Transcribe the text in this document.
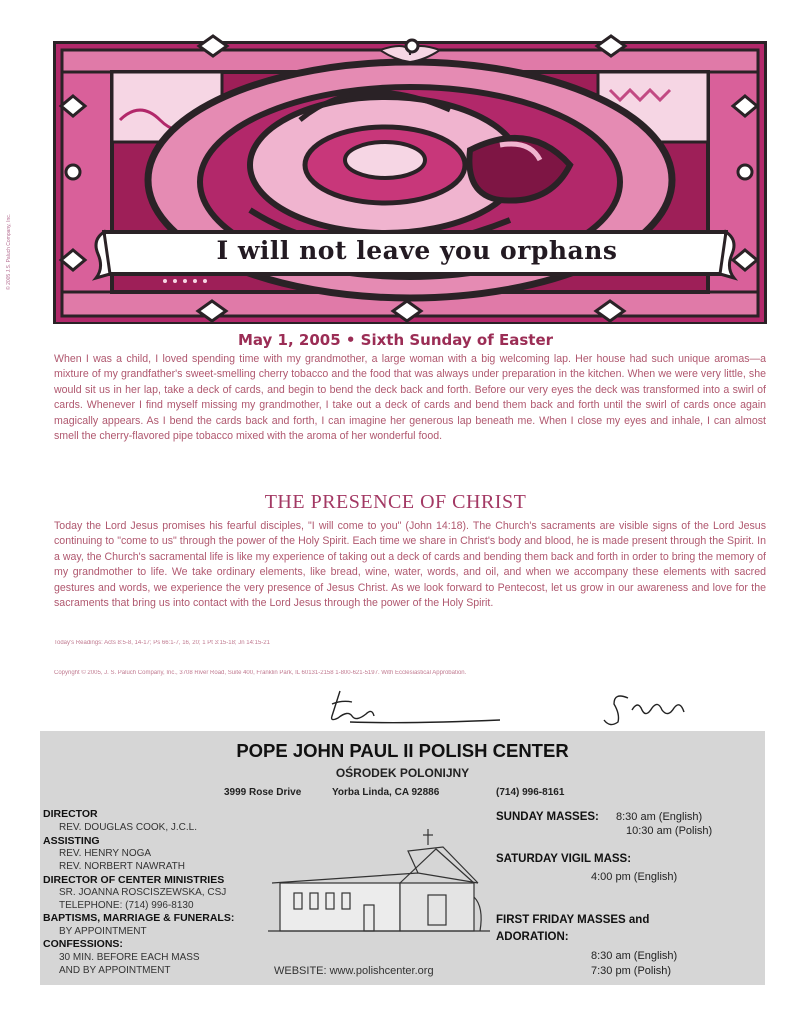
I will not leave you orphans
© 2005 J.S. Paluch Company, Inc.
May 1, 2005 • Sixth Sunday of Easter

When I was a child, I loved spending time with my grandmother, a large woman with a big welcoming lap. Her house had such unique aromas—a mixture of my grandfather's sweet-smelling cherry tobacco and the food that was always under preparation in the kitchen. When we were very little, she would sit us in her lap, take a deck of cards, and begin to bend the deck back and forth. Before our very eyes the deck was transformed into a swirl of cards. Whenever I find myself missing my grandmother, I take out a deck of cards and bend them back and forth until the swirl of cards once again magically appears. As I bend the cards back and forth, I can imagine her generous lap beneath me. When I close my eyes and inhale, I can almost smell the cherry-flavored pipe tobacco mixed with the aroma of her wonderful food.

THE PRESENCE OF CHRIST

Today the Lord Jesus promises his fearful disciples, "I will come to you" (John 14:18). The Church's sacraments are visible signs of the Lord Jesus continuing to "come to us" through the power of the Holy Spirit. Each time we share in Christ's body and blood, he is made present through the Spirit. In a way, the Church's sacramental life is like my experience of taking out a deck of cards and bending them back and forth in order to bring the memory of my grandmother to life. We take ordinary elements, like bread, wine, water, words, and oil, and when we accompany these elements with sacred gestures and words, we experience the very presence of Jesus Christ. As we look forward to Pentecost, let us grow in our awareness and love for the sacraments that bring us into contact with the Lord Jesus through the power of the Holy Spirit.

Today's Readings: Acts 8:5-8, 14-17; Ps 66:1-7, 16, 20; 1 Pt 3:15-18; Jn 14:15-21
Copyright © 2005, J. S. Paluch Company, Inc., 3708 River Road, Suite 400, Franklin Park, IL 60131-2158 1-800-621-5197. With Ecclesiastical Approbation.
POPE JOHN PAUL II POLISH CENTER
OŚRODEK POLONIJNY
3999 Rose Drive	Yorba Linda, CA 92886	(714) 996-8161
DIRECTOR
REV. DOUGLAS COOK, J.C.L.
ASSISTING
REV. HENRY NOGA
REV. NORBERT NAWRATH
DIRECTOR OF CENTER MINISTRIES
SR. JOANNA ROSCISZEWSKA, CSJ
TELEPHONE: (714) 996-8130
BAPTISMS, MARRIAGE & FUNERALS:
BY APPOINTMENT
CONFESSIONS:
30 MIN. BEFORE EACH MASS
AND BY APPOINTMENT	WEBSITE: www.polishcenter.org
SUNDAY MASSES: 8:30 am (English)
10:30 am (Polish)
SATURDAY VIGIL MASS:
4:00 pm (English)
FIRST FRIDAY MASSES and
ADORATION:
8:30 am (English)
7:30 pm (Polish)
